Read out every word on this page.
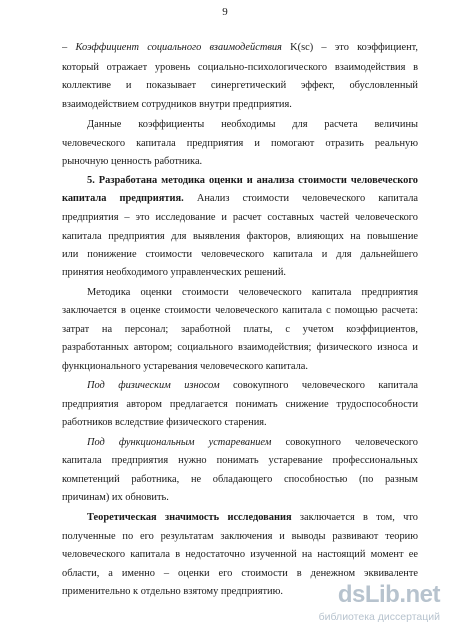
9
– Коэффициент социального взаимодействия K(sc) – это коэффициент,
который отражает уровень социально-психологического взаимодействия в
коллективе и показывает синергетический эффект, обусловленный
взаимодействием сотрудников внутри предприятия.
Данные коэффициенты необходимы для расчета величины
человеческого капитала предприятия и помогают отразить реальную
рыночную ценность работника.
5. Разработана методика оценки и анализа стоимости человеческого
капитала предприятия. Анализ стоимости человеческого капитала
предприятия – это исследование и расчет составных частей человеческого
капитала предприятия для выявления факторов, влияющих на повышение
или понижение стоимости человеческого капитала и для дальнейшего
принятия необходимого управленческих решений.
Методика оценки стоимости человеческого капитала предприятия
заключается в оценке стоимости человеческого капитала с помощью расчета:
затрат на персонал; заработной платы, с учетом коэффициентов,
разработанных автором; социального взаимодействия; физического износа и
функционального устаревания человеческого капитала.
Под физическим износом совокупного человеческого капитала
предприятия автором предлагается понимать снижение трудоспособности
работников вследствие физического старения.
Под функциональным устареванием совокупного человеческого
капитала предприятия нужно понимать устаревание профессиональных
компетенций работника, не обладающего способностью (по разным
причинам) их обновить.
Теоретическая значимость исследования заключается в том, что
полученные по его результатам заключения и выводы развивают теорию
человеческого капитала в недостаточно изученной на настоящий момент ее
области, а именно – оценки его стоимости в денежном эквиваленте
применительно к отдельно взятому предприятию.	dsLib.net
библиотека диссертаций
